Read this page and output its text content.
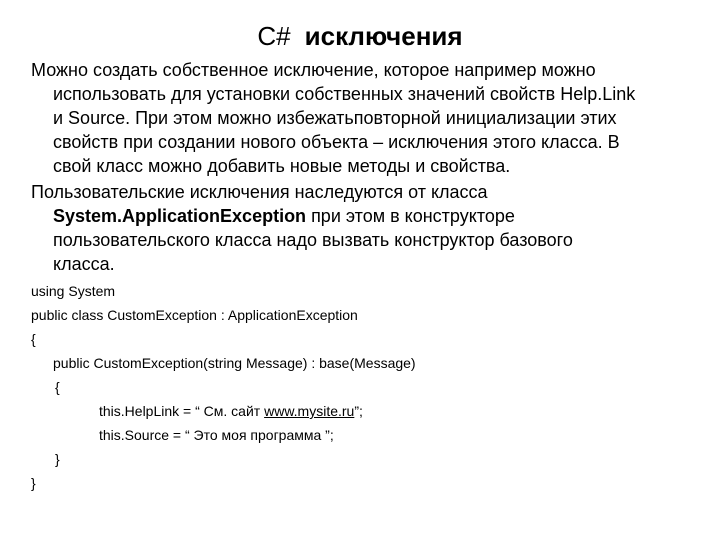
C# исключения
Можно создать собственное исключение, которое например можно
использовать для установки собственных значений свойств Help.Link
и Source. При этом можно избежатьповторной инициализации этих
свойств при создании нового объекта – исключения этого класса. В
свой класс можно добавить новые методы и свойства.
Пользовательские исключения наследуются от класса
System.ApplicationException при этом в конструкторе
пользовательского класса надо вызвать конструктор базового
класса.
using System
public class CustomException : ApplicationException
{
public CustomException(string Message) : base(Message)
{
this.HelpLink = “ См. сайт www.mysite.ru”;
this.Source = “ Это моя программа ”;
}
}
